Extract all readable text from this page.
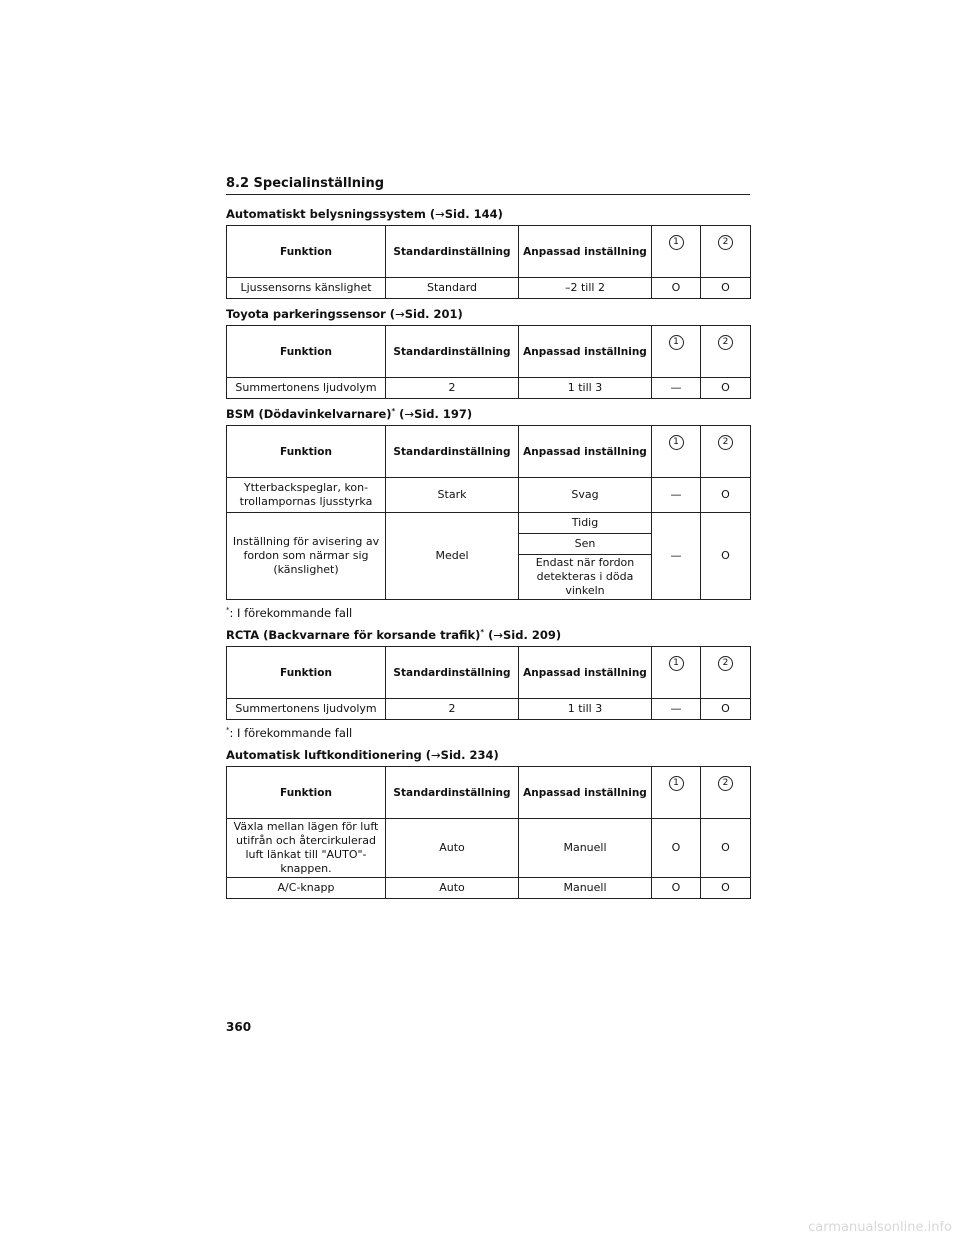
8.2 Specialinställning
Automatiskt belysningssystem (→Sid. 144)
Funktion	Standardinställning	Anpassad inställning	1	2
Ljussensorns känslighet	Standard	–2 till 2	O	O
Toyota parkeringssensor (→Sid. 201)
Funktion	Standardinställning	Anpassad inställning	1	2
Summertonens ljudvolym	2	1 till 3	—	O
BSM (Dödavinkelvarnare)* (→Sid. 197)
Funktion	Standardinställning	Anpassad inställning	1	2
Ytterbackspeglar, kon-trollampornas ljusstyrka	Stark	Svag	—	O
Inställning för avisering av fordon som närmar sig (känslighet)	Medel	Tidig	—	O
		Sen		
		Endast när fordon detekteras i döda vinkeln		
*: I förekommande fall
RCTA (Backvarnare för korsande trafik)* (→Sid. 209)
Funktion	Standardinställning	Anpassad inställning	1	2
Summertonens ljudvolym	2	1 till 3	—	O
*: I förekommande fall
Automatisk luftkonditionering (→Sid. 234)
Funktion	Standardinställning	Anpassad inställning	1	2
Växla mellan lägen för luft utifrån och återcirkulerad luft länkat till "AUTO"-knappen.	Auto	Manuell	O	O
A/C-knapp	Auto	Manuell	O	O
360
carmanualsonline.info
